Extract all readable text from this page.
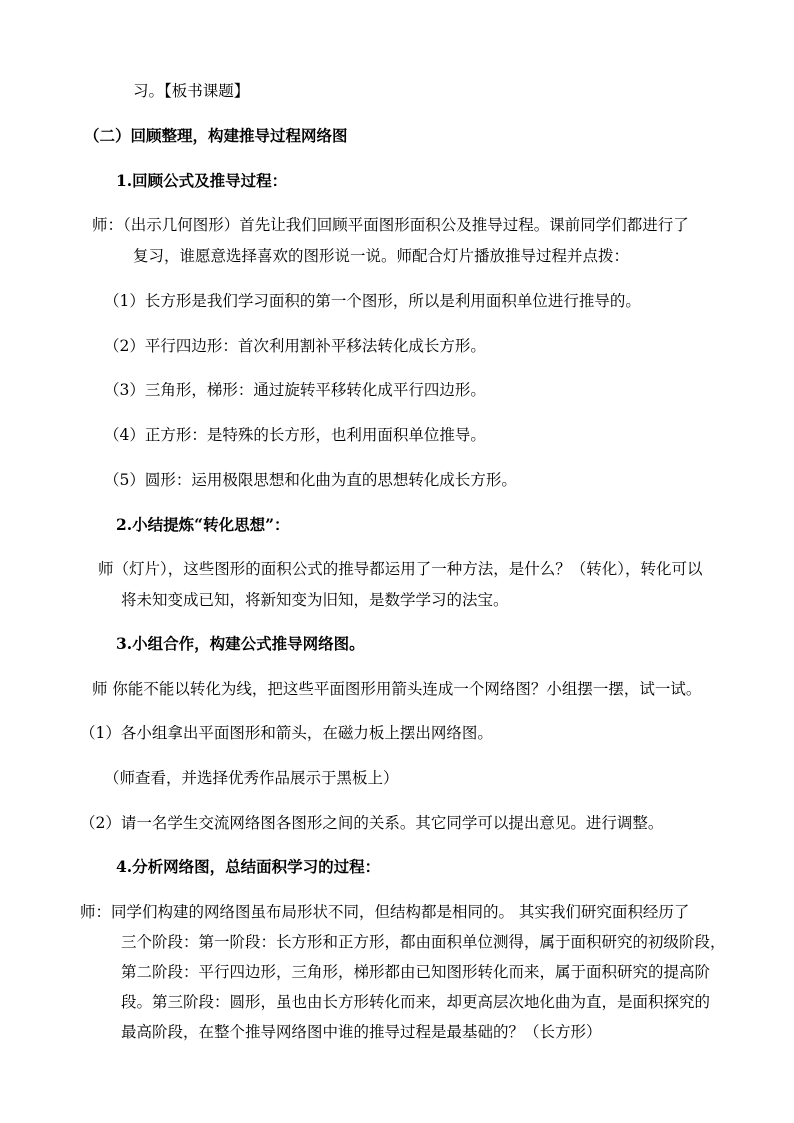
习。【板书课题】

（二）回顾整理，构建推导过程网络图

1.回顾公式及推导过程：

师：（出示几何图形）首先让我们回顾平面图形面积公及推导过程。课前同学们都进行了

复习，谁愿意选择喜欢的图形说一说。师配合灯片播放推导过程并点拨：

（1）长方形是我们学习面积的第一个图形，所以是利用面积单位进行推导的。

（2）平行四边形：首次利用割补平移法转化成长方形。

（3）三角形，梯形：通过旋转平移转化成平行四边形。

（4）正方形：是特殊的长方形，也利用面积单位推导。

（5）圆形：运用极限思想和化曲为直的思想转化成长方形。

2.小结提炼“转化思想”：

师（灯片），这些图形的面积公式的推导都运用了一种方法，是什么？（转化），转化可以

将未知变成已知，将新知变为旧知，是数学学习的法宝。

3.小组合作，构建公式推导网络图。

师 你能不能以转化为线，把这些平面图形用箭头连成一个网络图？小组摆一摆，试一试。

（1）各小组拿出平面图形和箭头，在磁力板上摆出网络图。

（师查看，并选择优秀作品展示于黑板上）

（2）请一名学生交流网络图各图形之间的关系。其它同学可以提出意见。进行调整。

4.分析网络图，总结面积学习的过程：

师：同学们构建的网络图虽布局形状不同，但结构都是相同的。 其实我们研究面积经历了

三个阶段：第一阶段：长方形和正方形，都由面积单位测得，属于面积研究的初级阶段，

第二阶段：平行四边形，三角形，梯形都由已知图形转化而来，属于面积研究的提高阶

段。第三阶段：圆形，虽也由长方形转化而来，却更高层次地化曲为直，是面积探究的

最高阶段，在整个推导网络图中谁的推导过程是最基础的？（长方形）
